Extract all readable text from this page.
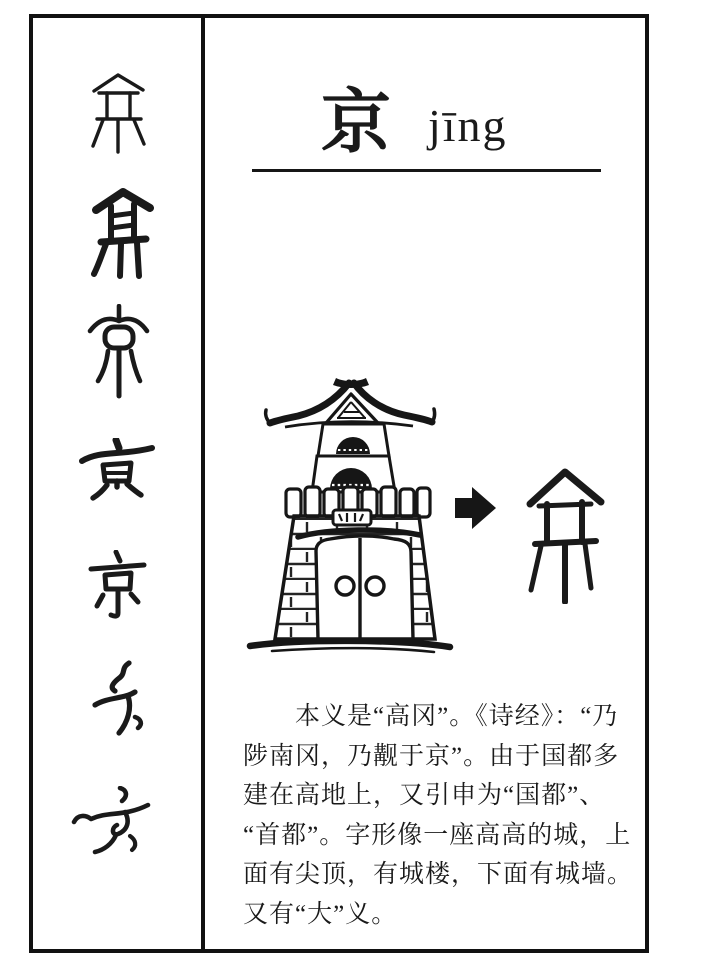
京 jīng
本义是“高冈”。《诗经》：“乃
陟南冈，乃觏于京”。由于国都多
建在高地上，又引申为“国都”、
“首都”。字形像一座高高的城，上
面有尖顶，有城楼，下面有城墙。
又有“大”义。
